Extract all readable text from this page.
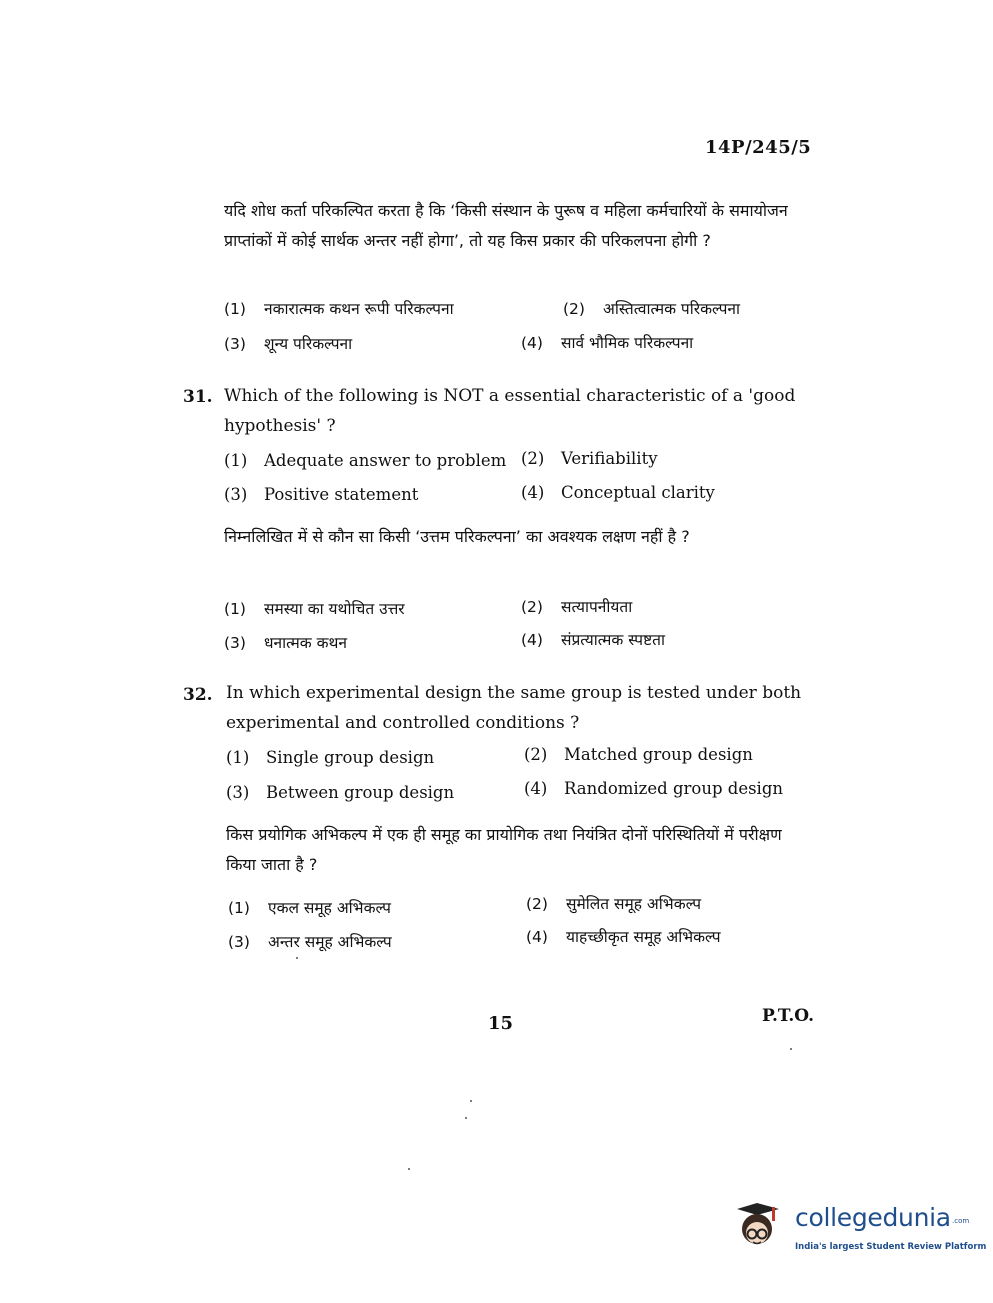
14P/245/5
यदि शोध कर्ता परिकल्पित करता है कि ‘किसी संस्थान के पुरूष व महिला कर्मचारियों के समायोजन प्राप्तांकों में कोई सार्थक अन्तर नहीं होगा’, तो यह किस प्रकार की परिकलपना होगी ?
(1) नकारात्मक कथन रूपी परिकल्पना	(2) अस्तित्वात्मक परिकल्पना
(3) शून्य परिकल्पना	(4) सार्व भौमिक परिकल्पना
31. Which of the following is NOT a essential characteristic of a 'good hypothesis' ?
(1) Adequate answer to problem (2) Verifiability
(3) Positive statement	(4) Conceptual clarity
निम्नलिखित में से कौन सा किसी ‘उत्तम परिकल्पना’ का अवश्यक लक्षण नहीं है ?
(1) समस्या का यथोचित उत्तर	(2) सत्यापनीयता
(3) धनात्मक कथन	(4) संप्रत्यात्मक स्पष्टता
32. In which experimental design the same group is tested under both experimental and controlled conditions ?
(1) Single group design	(2) Matched group design
(3) Between group design	(4) Randomized group design
किस प्रयोगिक अभिकल्प में एक ही समूह का प्रायोगिक तथा नियंत्रित दोनों परिस्थितियों में परीक्षण किया जाता है ?
(1) एकल समूह अभिकल्प	(2) सुमेलित समूह अभिकल्प
(3) अन्तर समूह अभिकल्प	(4) याहच्छीकृत समूह अभिकल्प
15	P.T.O.
collegedunia .com
India's largest Student Review Platform
